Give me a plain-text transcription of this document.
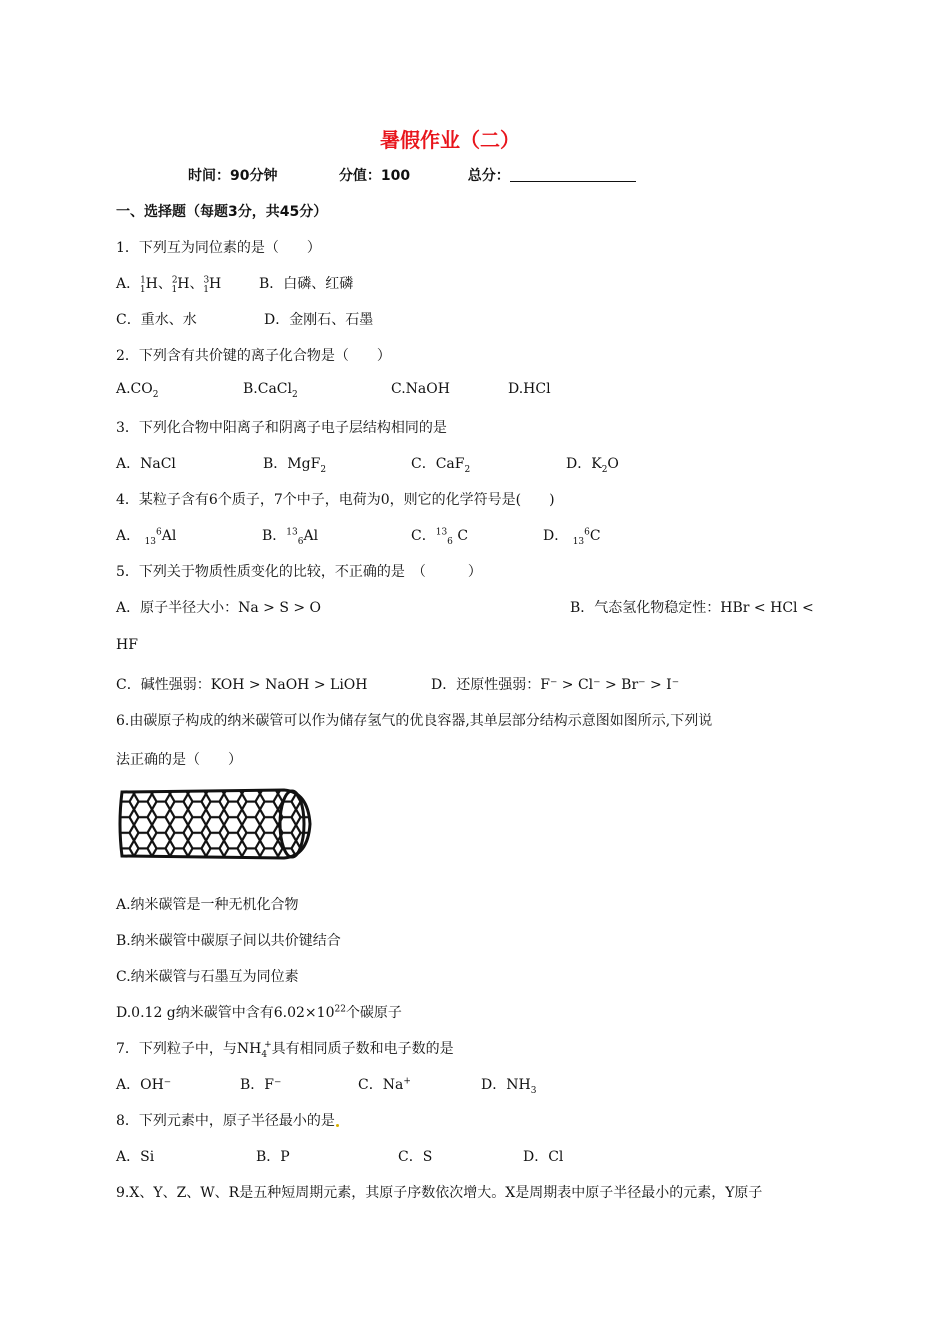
暑假作业（二）
时间：90分钟	分值：100	总分：
一、选择题（每题3分，共45分）
1．下列互为同位素的是（　　）
A．$^1_1$H、$^2_1$H、$^3_1$H	B．白磷、红磷
C．重水、水	D．金刚石、石墨
2．下列含有共价键的离子化合物是（　　）
$A.CO_2$	B.CaCl$_2$	C.NaOH	D.HCl
3．下列化合物中阳离子和阴离子电子层结构相同的是
A．NaCl	B．MgF$_2$	C．CaF$_2$	D．$K_2O$
4．某粒子含有6个质子，7个中子，电荷为0，则它的化学符号是(　　)
A． $_{13}^6$Al	B．$^{13}_6$Al	C．$^{13}_6$ C	D． $_{13}^6$C
5．下列关于物质性质变化的比较，不正确的是　（　　　）
A．原子半径大小：Na > S > O	B．气态氢化物稳定性：HBr < HCl <
HF
C．碱性强弱：KOH > NaOH > LiOH	D．还原性强弱：F⁻ > Cl⁻ > Br⁻ > I⁻
6.由碳原子构成的纳米碳管可以作为储存氢气的优良容器,其单层部分结构示意图如图所示,下列说
法正确的是（　　）
A.纳米碳管是一种无机化合物
B.纳米碳管中碳原子间以共价键结合
C.纳米碳管与石墨互为同位素
D.0.12 g纳米碳管中含有$6.02\times 10^{22}$个碳原子
7．下列粒子中，与$NH_4^+$具有相同质子数和电子数的是
A．OH⁻	B．F⁻	C．Na+	D．$NH_3$
8．下列元素中，原子半径最小的是
A．Si	B．P	C．S	D．Cl
9.X、Y、Z、W、R是五种短周期元素，其原子序数依次增大。X是周期表中原子半径最小的元素，Y原子
